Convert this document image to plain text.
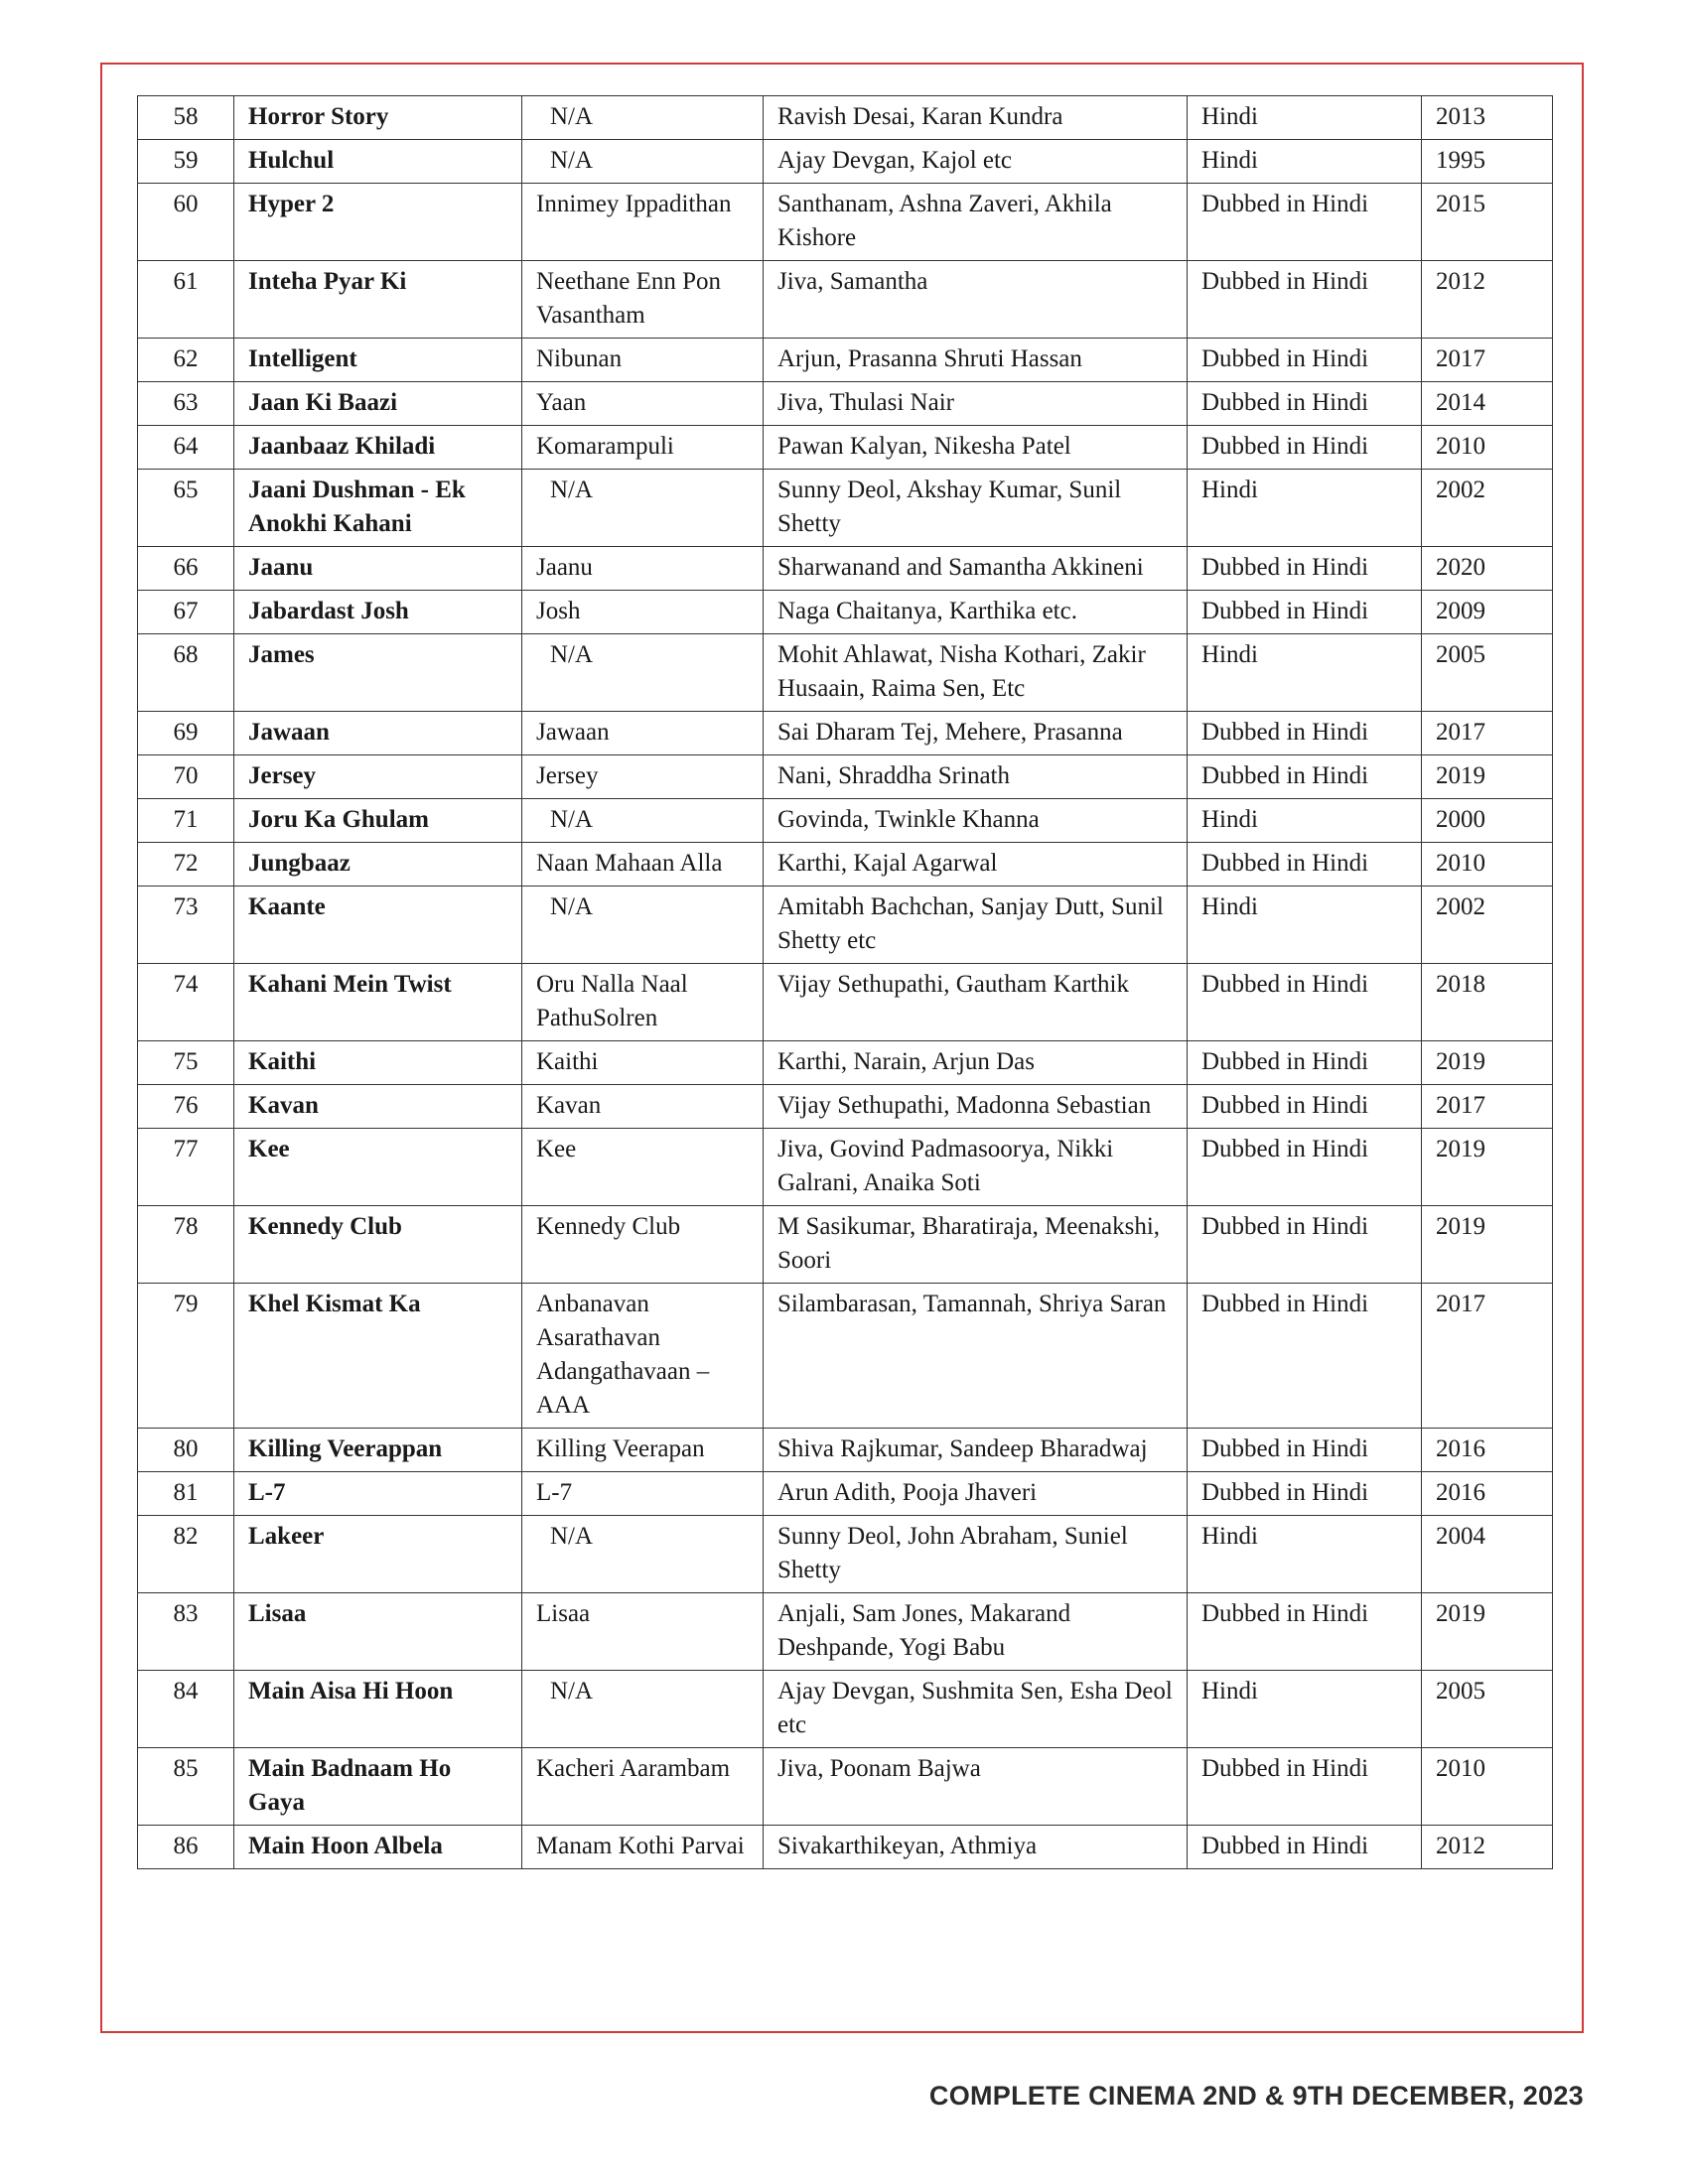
58	Horror Story	N/A	Ravish Desai, Karan Kundra	Hindi	2013
59	Hulchul	N/A	Ajay Devgan, Kajol etc	Hindi	1995
60	Hyper 2	Innimey Ippadithan	Santhanam, Ashna Zaveri, Akhila Kishore	Dubbed in Hindi	2015
61	Inteha Pyar Ki	Neethane Enn Pon Vasantham	Jiva, Samantha	Dubbed in Hindi	2012
62	Intelligent	Nibunan	Arjun, Prasanna Shruti Hassan	Dubbed in Hindi	2017
63	Jaan Ki Baazi	Yaan	Jiva, Thulasi Nair	Dubbed in Hindi	2014
64	Jaanbaaz Khiladi	Komarampuli	Pawan Kalyan, Nikesha Patel	Dubbed in Hindi	2010
65	Jaani Dushman - Ek Anokhi Kahani	N/A	Sunny Deol, Akshay Kumar, Sunil Shetty	Hindi	2002
66	Jaanu	Jaanu	Sharwanand and Samantha Akkineni	Dubbed in Hindi	2020
67	Jabardast Josh	Josh	Naga Chaitanya, Karthika etc.	Dubbed in Hindi	2009
68	James	N/A	Mohit Ahlawat, Nisha Kothari, Zakir Husaain, Raima Sen, Etc	Hindi	2005
69	Jawaan	Jawaan	Sai Dharam Tej, Mehere, Prasanna	Dubbed in Hindi	2017
70	Jersey	Jersey	Nani, Shraddha Srinath	Dubbed in Hindi	2019
71	Joru Ka Ghulam	N/A	Govinda, Twinkle Khanna	Hindi	2000
72	Jungbaaz	Naan Mahaan Alla	Karthi, Kajal Agarwal	Dubbed in Hindi	2010
73	Kaante	N/A	Amitabh Bachchan, Sanjay Dutt, Sunil Shetty etc	Hindi	2002
74	Kahani Mein Twist	Oru Nalla Naal PathuSolren	Vijay Sethupathi, Gautham Karthik	Dubbed in Hindi	2018
75	Kaithi	Kaithi	Karthi, Narain, Arjun Das	Dubbed in Hindi	2019
76	Kavan	Kavan	Vijay Sethupathi, Madonna Sebastian	Dubbed in Hindi	2017
77	Kee	Kee	Jiva, Govind Padmasoorya, Nikki Galrani, Anaika Soti	Dubbed in Hindi	2019
78	Kennedy Club	Kennedy Club	M Sasikumar, Bharatiraja, Meenakshi, Soori	Dubbed in Hindi	2019
79	Khel Kismat Ka	Anbanavan Asarathavan Adangathavaan – AAA	Silambarasan, Tamannah, Shriya Saran	Dubbed in Hindi	2017
80	Killing Veerappan	Killing Veerapan	Shiva Rajkumar, Sandeep Bharadwaj	Dubbed in Hindi	2016
81	L-7	L-7	Arun Adith, Pooja Jhaveri	Dubbed in Hindi	2016
82	Lakeer	N/A	Sunny Deol, John Abraham, Suniel Shetty	Hindi	2004
83	Lisaa	Lisaa	Anjali, Sam Jones, Makarand Deshpande, Yogi Babu	Dubbed in Hindi	2019
84	Main Aisa Hi Hoon	N/A	Ajay Devgan, Sushmita Sen, Esha Deol etc	Hindi	2005
85	Main Badnaam Ho Gaya	Kacheri Aarambam	Jiva, Poonam Bajwa	Dubbed in Hindi	2010
86	Main Hoon Albela	Manam Kothi Parvai	Sivakarthikeyan, Athmiya	Dubbed in Hindi	2012
COMPLETE CINEMA 2ND & 9TH DECEMBER, 2023
